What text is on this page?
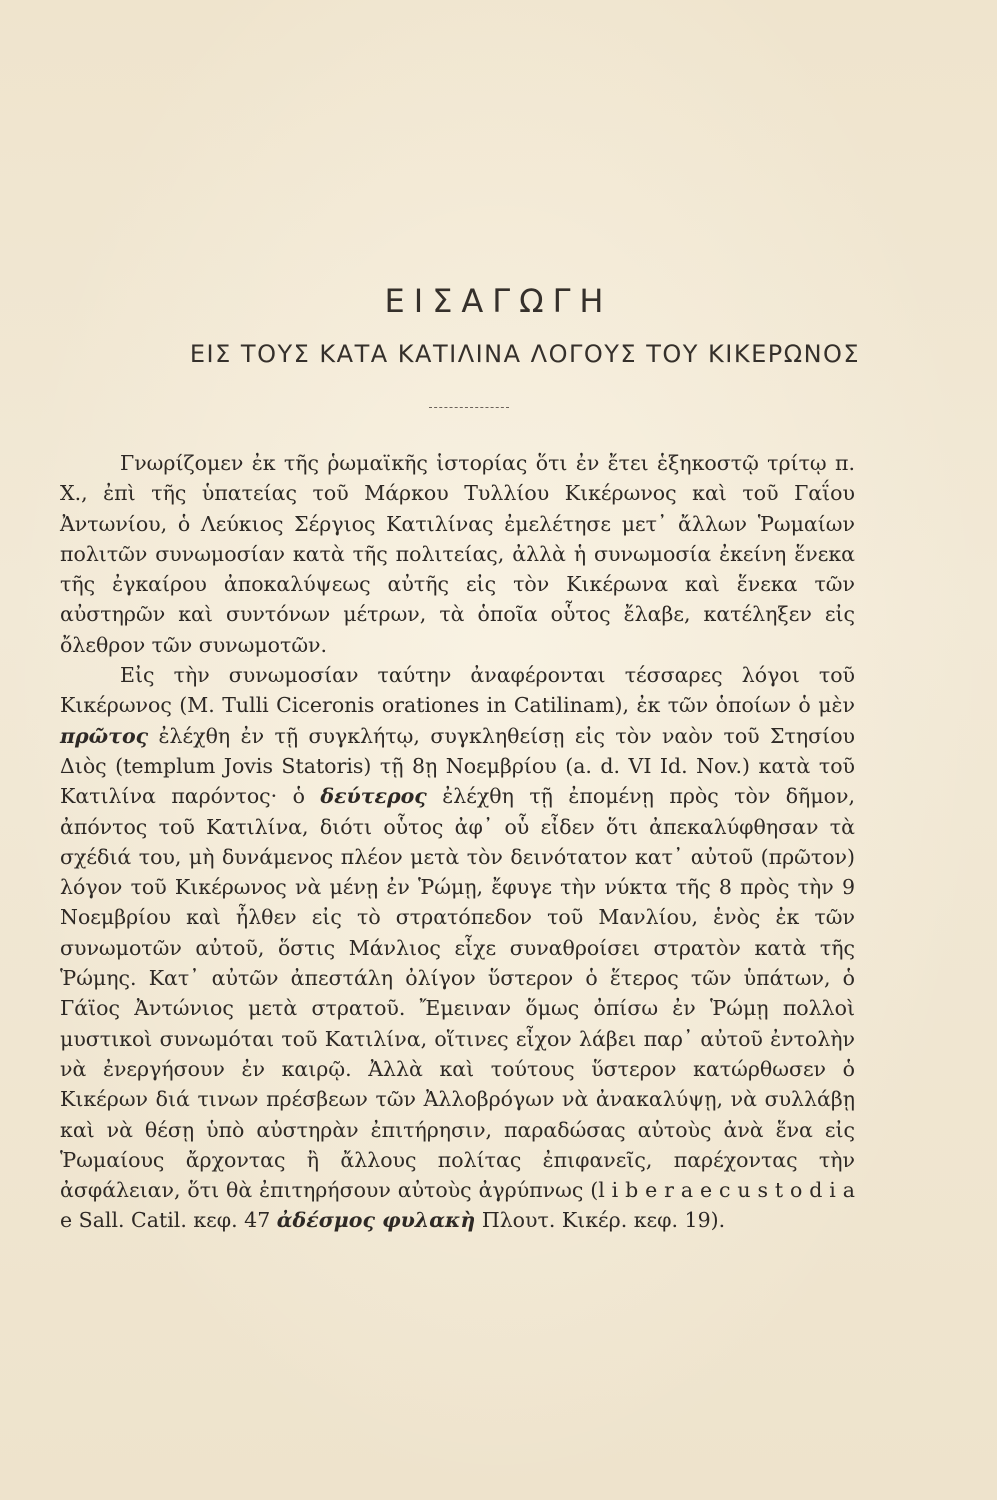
ΕΙΣΑΓΩΓΗ
ΕΙΣ ΤΟΥΣ ΚΑΤΑ ΚΑΤΙΛΙΝΑ ΛΟΓΟΥΣ ΤΟΥ ΚΙΚΕΡΩΝΟΣ

Γνωρίζομεν ἐκ τῆς ῥωμαϊκῆς ἱστορίας ὅτι ἐν ἔτει ἑξηκοστῷ τρίτῳ π. Χ., ἐπὶ τῆς ὑπατείας τοῦ Μάρκου Τυλλίου Κικέρωνος καὶ τοῦ Γαΐου Ἀντωνίου, ὁ Λεύκιος Σέργιος Κατιλίνας ἐμελέτησε μετ᾽ ἄλλων Ῥωμαίων πολιτῶν συνωμοσίαν κατὰ τῆς πολιτείας, ἀλλὰ ἡ συνωμοσία ἐκείνη ἕνεκα τῆς ἐγκαίρου ἀποκαλύψεως αὐτῆς εἰς τὸν Κικέρωνα καὶ ἕνεκα τῶν αὐστηρῶν καὶ συντόνων μέτρων, τὰ ὁποῖα οὗτος ἔλαβε, κατέληξεν εἰς ὄλεθρον τῶν συνωμοτῶν.

Εἰς τὴν συνωμοσίαν ταύτην ἀναφέρονται τέσσαρες λόγοι τοῦ Κικέρωνος (M. Tulli Ciceronis orationes in Catilinam), ἐκ τῶν ὁποίων ὁ μὲν πρῶτος ἐλέχθη ἐν τῇ συγκλήτῳ, συγκληθείσῃ εἰς τὸν ναὸν τοῦ Στησίου Διὸς (templum Jovis Statoris) τῇ 8ῃ Νοεμβρίου (a. d. VI Id. Nov.) κατὰ τοῦ Κατιλίνα παρόντος· ὁ δεύτερος ἐλέχθη τῇ ἐπομένῃ πρὸς τὸν δῆμον, ἀπόντος τοῦ Κατιλίνα, διότι οὗτος ἀφ᾽ οὗ εἶδεν ὅτι ἀπεκαλύφθησαν τὰ σχέδιά του, μὴ δυνάμενος πλέον μετὰ τὸν δεινότατον κατ᾽ αὐτοῦ (πρῶτον) λόγον τοῦ Κικέρωνος νὰ μένῃ ἐν Ῥώμῃ, ἔφυγε τὴν νύκτα τῆς 8 πρὸς τὴν 9 Νοεμβρίου καὶ ἦλθεν εἰς τὸ στρατόπεδον τοῦ Μανλίου, ἑνὸς ἐκ τῶν συνωμοτῶν αὐτοῦ, ὅστις Μάνλιος εἶχε συναθροίσει στρατὸν κατὰ τῆς Ῥώμης. Κατ᾽ αὐτῶν ἀπεστάλη ὀλίγον ὕστερον ὁ ἕτερος τῶν ὑπάτων, ὁ Γάϊος Ἀντώνιος μετὰ στρατοῦ. Ἔμειναν ὅμως ὀπίσω ἐν Ῥώμῃ πολλοὶ μυστικοὶ συνωμόται τοῦ Κατιλίνα, οἵτινες εἶχον λάβει παρ᾽ αὐτοῦ ἐντολὴν νὰ ἐνεργήσουν ἐν καιρῷ. Ἀλλὰ καὶ τούτους ὕστερον κατώρθωσεν ὁ Κικέρων διά τινων πρέσβεων τῶν Ἀλλοβρόγων νὰ ἀνακαλύψῃ, νὰ συλλάβῃ καὶ νὰ θέσῃ ὑπὸ αὐστηρὰν ἐπιτήρησιν, παραδώσας αὐτοὺς ἀνὰ ἕνα εἰς Ῥωμαίους ἄρχοντας ἢ ἄλλους πολίτας ἐπιφανεῖς, παρέχοντας τὴν ἀσφάλειαν, ὅτι θὰ ἐπιτηρήσουν αὐτοὺς ἀγρύπνως (l i b e r a e c u s t o d i a e Sall. Catil. κεφ. 47 ἀδέσμος φυλακὴ Πλουτ. Κικέρ. κεφ. 19).
